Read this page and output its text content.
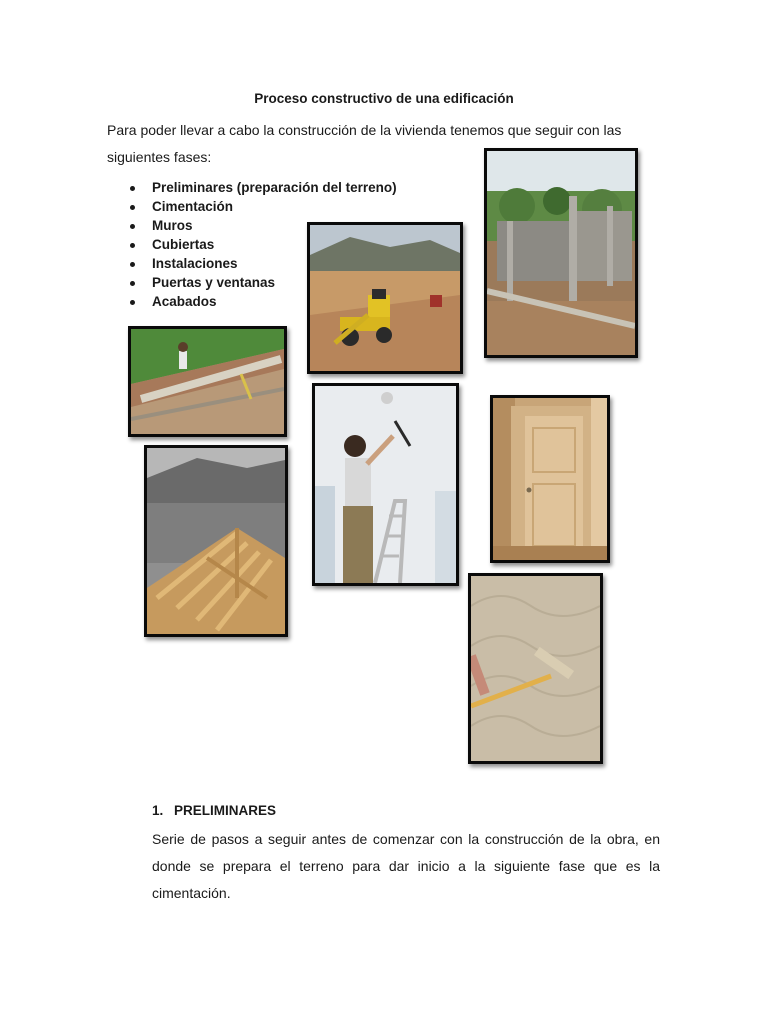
Proceso constructivo de una edificación
Para poder llevar a cabo la construcción de la vivienda tenemos que seguir con las siguientes fases:
Preliminares (preparación del terreno)
Cimentación
Muros
Cubiertas
Instalaciones
Puertas y ventanas
Acabados
1. PRELIMINARES
Serie de pasos a seguir antes de comenzar con la construcción de la obra, en donde se prepara el terreno para dar inicio a la siguiente fase que es la cimentación.
